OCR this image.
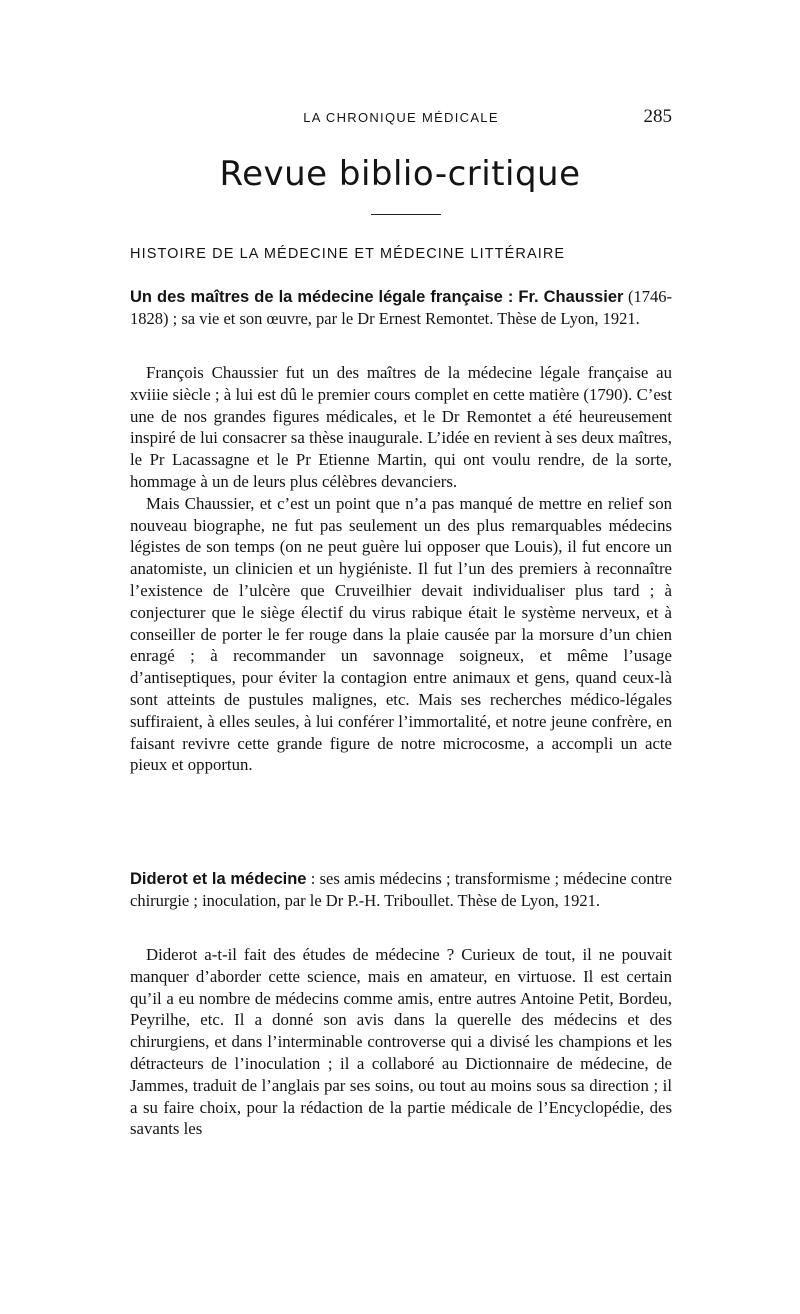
LA CHRONIQUE MÉDICALE	285
Revue biblio-critique
HISTOIRE DE LA MÉDECINE ET MÉDECINE LITTÉRAIRE
Un des maîtres de la médecine légale française : Fr. Chaussier (1746-1828) ; sa vie et son œuvre, par le Dr Ernest Remontet. Thèse de Lyon, 1921.

François Chaussier fut un des maîtres de la médecine légale française au xviiie siècle ; à lui est dû le premier cours complet en cette matière (1790). C’est une de nos grandes figures médicales, et le Dr Remontet a été heureusement inspiré de lui consacrer sa thèse inaugurale. L’idée en revient à ses deux maîtres, le Pr Lacassagne et le Pr Etienne Martin, qui ont voulu rendre, de la sorte, hommage à un de leurs plus célèbres devanciers.

Mais Chaussier, et c’est un point que n’a pas manqué de mettre en relief son nouveau biographe, ne fut pas seulement un des plus remarquables médecins légistes de son temps (on ne peut guère lui opposer que Louis), il fut encore un anatomiste, un clinicien et un hygiéniste. Il fut l’un des premiers à reconnaître l’existence de l’ulcère que Cruveilhier devait individualiser plus tard ; à conjecturer que le siège électif du virus rabique était le système nerveux, et à conseiller de porter le fer rouge dans la plaie causée par la morsure d’un chien enragé ; à recommander un savonnage soigneux, et même l’usage d’antiseptiques, pour éviter la contagion entre animaux et gens, quand ceux-là sont atteints de pustules malignes, etc. Mais ses recherches médico-légales suffiraient, à elles seules, à lui conférer l’immortalité, et notre jeune confrère, en faisant revivre cette grande figure de notre microcosme, a accompli un acte pieux et opportun.

Diderot et la médecine : ses amis médecins ; transformisme ; médecine contre chirurgie ; inoculation, par le Dr P.-H. Triboullet. Thèse de Lyon, 1921.

Diderot a-t-il fait des études de médecine ? Curieux de tout, il ne pouvait manquer d’aborder cette science, mais en amateur, en virtuose. Il est certain qu’il a eu nombre de médecins comme amis, entre autres Antoine Petit, Bordeu, Peyrilhe, etc. Il a donné son avis dans la querelle des médecins et des chirurgiens, et dans l’interminable controverse qui a divisé les champions et les détracteurs de l’inoculation ; il a collaboré au Dictionnaire de médecine, de Jammes, traduit de l’anglais par ses soins, ou tout au moins sous sa direction ; il a su faire choix, pour la rédaction de la partie médicale de l’Encyclopédie, des savants les
